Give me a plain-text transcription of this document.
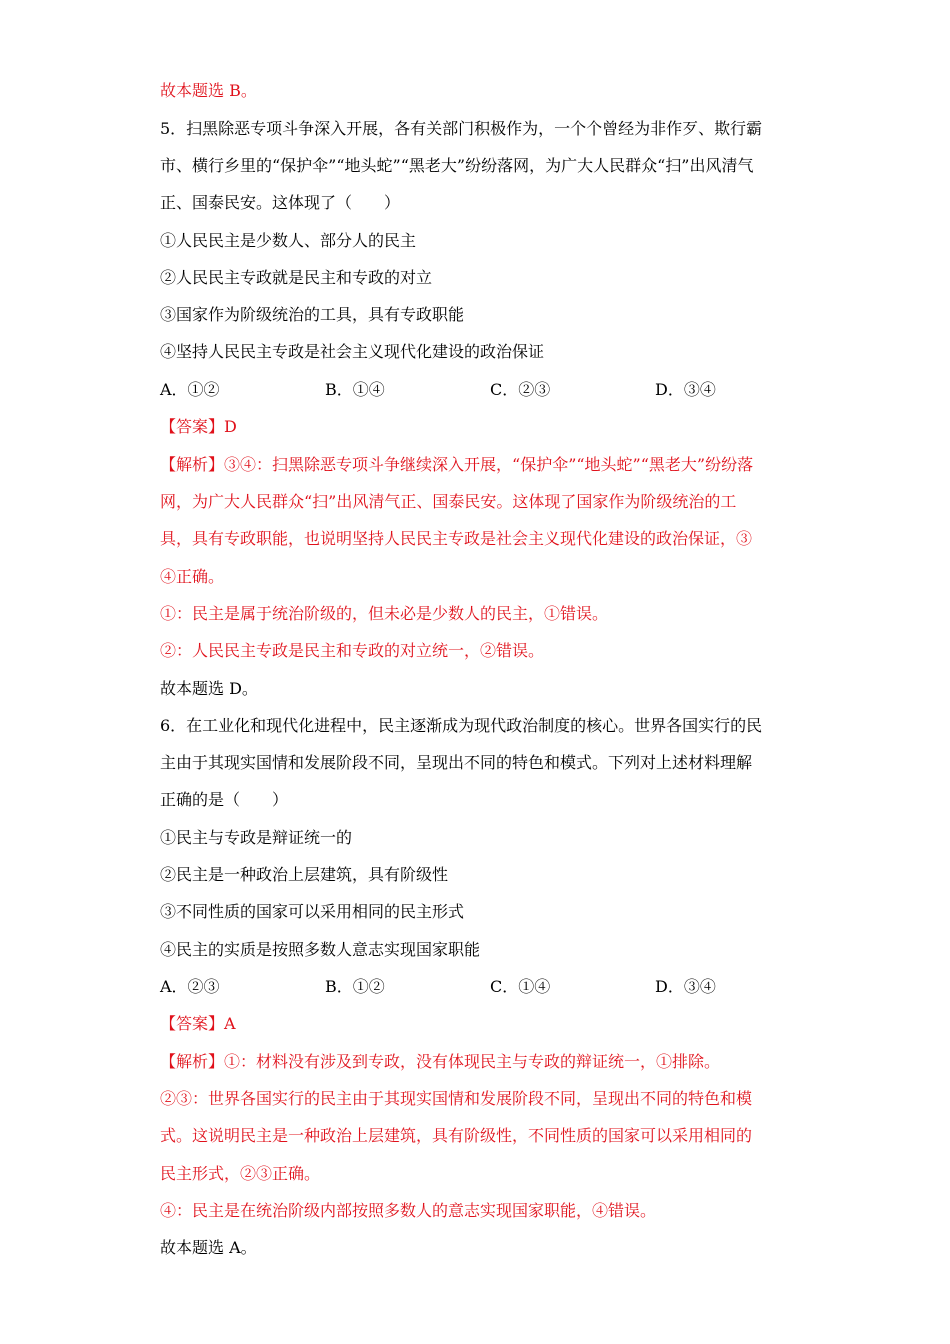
故本题选 B。
5．扫黑除恶专项斗争深入开展，各有关部门积极作为，一个个曾经为非作歹、欺行霸
市、横行乡里的“保护伞”“地头蛇”“黑老大”纷纷落网，为广大人民群众“扫”出风清气
正、国泰民安。这体现了（　　）
①人民民主是少数人、部分人的民主
②人民民主专政就是民主和专政的对立
③国家作为阶级统治的工具，具有专政职能
④坚持人民民主专政是社会主义现代化建设的政治保证
A．①②	B．①④	C．②③	D．③④
【答案】D
【解析】③④：扫黑除恶专项斗争继续深入开展，“保护伞”“地头蛇”“黑老大”纷纷落
网，为广大人民群众“扫”出风清气正、国泰民安。这体现了国家作为阶级统治的工
具，具有专政职能，也说明坚持人民民主专政是社会主义现代化建设的政治保证，③
④正确。
①：民主是属于统治阶级的，但未必是少数人的民主，①错误。
②：人民民主专政是民主和专政的对立统一，②错误。
故本题选 D。
6．在工业化和现代化进程中，民主逐渐成为现代政治制度的核心。世界各国实行的民
主由于其现实国情和发展阶段不同，呈现出不同的特色和模式。下列对上述材料理解
正确的是（　　）
①民主与专政是辩证统一的
②民主是一种政治上层建筑，具有阶级性
③不同性质的国家可以采用相同的民主形式
④民主的实质是按照多数人意志实现国家职能
A．②③	B．①②	C．①④	D．③④
【答案】A
【解析】①：材料没有涉及到专政，没有体现民主与专政的辩证统一，①排除。
②③：世界各国实行的民主由于其现实国情和发展阶段不同，呈现出不同的特色和模
式。这说明民主是一种政治上层建筑，具有阶级性，不同性质的国家可以采用相同的
民主形式，②③正确。
④：民主是在统治阶级内部按照多数人的意志实现国家职能，④错误。
故本题选 A。
